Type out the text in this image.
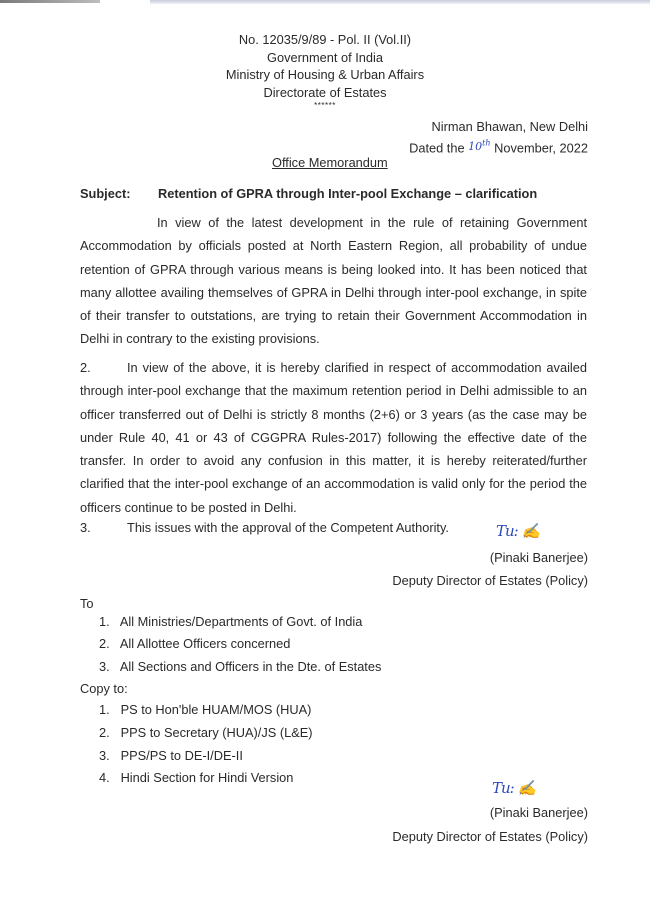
No. 12035/9/89 - Pol. II (Vol.II)
Government of India
Ministry of Housing & Urban Affairs
Directorate of Estates
******
Nirman Bhawan, New Delhi
Dated the 10th November, 2022
Office Memorandum
Subject: Retention of GPRA through Inter-pool Exchange – clarification
In view of the latest development in the rule of retaining Government Accommodation by officials posted at North Eastern Region, all probability of undue retention of GPRA through various means is being looked into. It has been noticed that many allottee availing themselves of GPRA in Delhi through inter-pool exchange, in spite of their transfer to outstations, are trying to retain their Government Accommodation in Delhi in contrary to the existing provisions.
2.	In view of the above, it is hereby clarified in respect of accommodation availed through inter-pool exchange that the maximum retention period in Delhi admissible to an officer transferred out of Delhi is strictly 8 months (2+6) or 3 years (as the case may be under Rule 40, 41 or 43 of CGGPRA Rules-2017) following the effective date of the transfer. In order to avoid any confusion in this matter, it is hereby reiterated/further clarified that the inter-pool exchange of an accommodation is valid only for the period the officers continue to be posted in Delhi.
3.	This issues with the approval of the Competent Authority.	Tu: ✍
(Pinaki Banerjee)
Deputy Director of Estates (Policy)
To
1. All Ministries/Departments of Govt. of India
2. All Allottee Officers concerned
3. All Sections and Officers in the Dte. of Estates
Copy to:
1. PS to Hon'ble HUAM/MOS (HUA)
2. PPS to Secretary (HUA)/JS (L&E)
3. PPS/PS to DE-I/DE-II
4. Hindi Section for Hindi Version
Tu: ✍
(Pinaki Banerjee)
Deputy Director of Estates (Policy)
